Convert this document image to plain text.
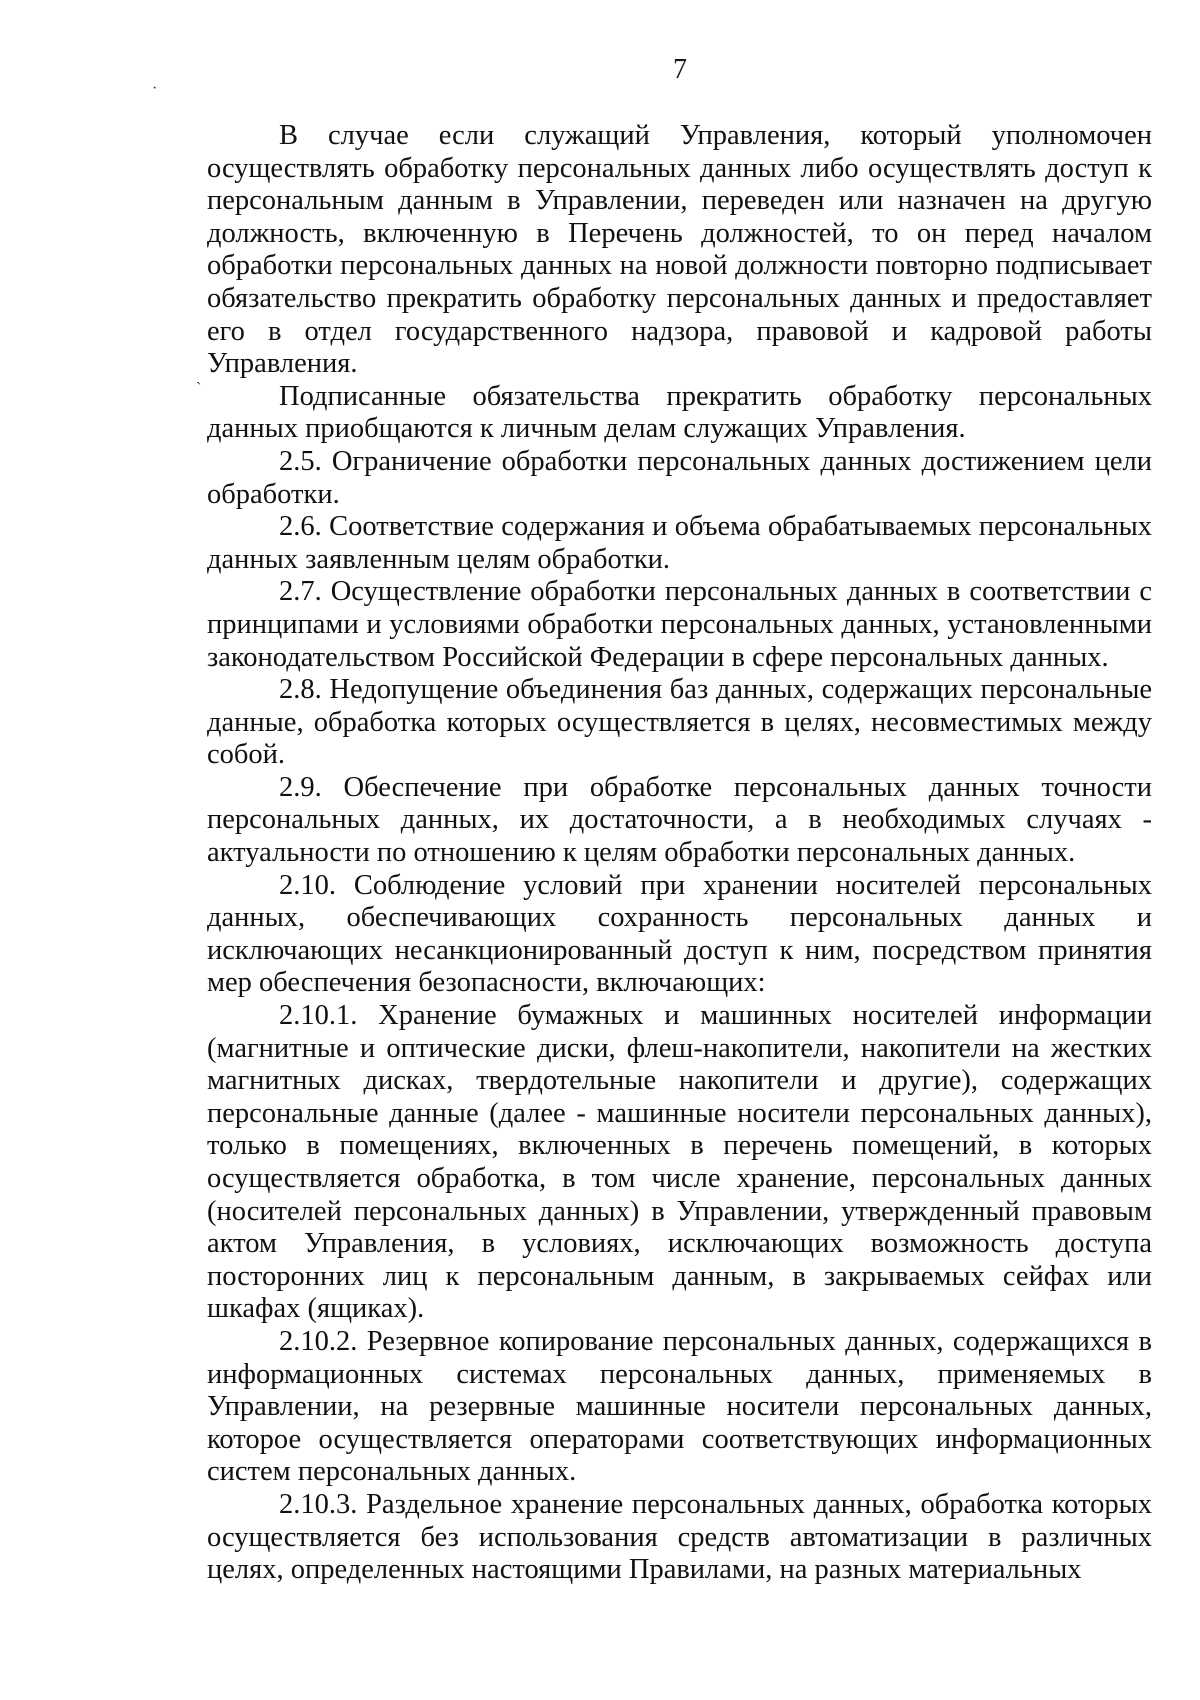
7
·
ˎ

В случае если служащий Управления, который уполномочен осуществлять обработку персональных данных либо осуществлять доступ к персональным данным в Управлении, переведен или назначен на другую должность, включенную в Перечень должностей, то он перед началом обработки персональных данных на новой должности повторно подписывает обязательство прекратить обработку персональных данных и предоставляет его в отдел государственного надзора, правовой и кадровой работы Управления.

Подписанные обязательства прекратить обработку персональных данных приобщаются к личным делам служащих Управления.

2.5. Ограничение обработки персональных данных достижением цели обработки.

2.6. Соответствие содержания и объема обрабатываемых персональных данных заявленным целям обработки.

2.7. Осуществление обработки персональных данных в соответствии с принципами и условиями обработки персональных данных, установленными законодательством Российской Федерации в сфере персональных данных.

2.8. Недопущение объединения баз данных, содержащих персональные данные, обработка которых осуществляется в целях, несовместимых между собой.

2.9. Обеспечение при обработке персональных данных точности персональных данных, их достаточности, а в необходимых случаях - актуальности по отношению к целям обработки персональных данных.

2.10. Соблюдение условий при хранении носителей персональных данных, обеспечивающих сохранность персональных данных и исключающих несанкционированный доступ к ним, посредством принятия мер обеспечения безопасности, включающих:

2.10.1. Хранение бумажных и машинных носителей информации (магнитные и оптические диски, флеш-накопители, накопители на жестких магнитных дисках, твердотельные накопители и другие), содержащих персональные данные (далее - машинные носители персональных данных), только в помещениях, включенных в перечень помещений, в которых осуществляется обработка, в том числе хранение, персональных данных (носителей персональных данных) в Управлении, утвержденный правовым актом Управления, в условиях, исключающих возможность доступа посторонних лиц к персональным данным, в закрываемых сейфах или шкафах (ящиках).

2.10.2. Резервное копирование персональных данных, содержащихся в информационных системах персональных данных, применяемых в Управлении, на резервные машинные носители персональных данных, которое осуществляется операторами соответствующих информационных систем персональных данных.

2.10.3. Раздельное хранение персональных данных, обработка которых осуществляется без использования средств автоматизации в различных целях, определенных настоящими Правилами, на разных материальных
